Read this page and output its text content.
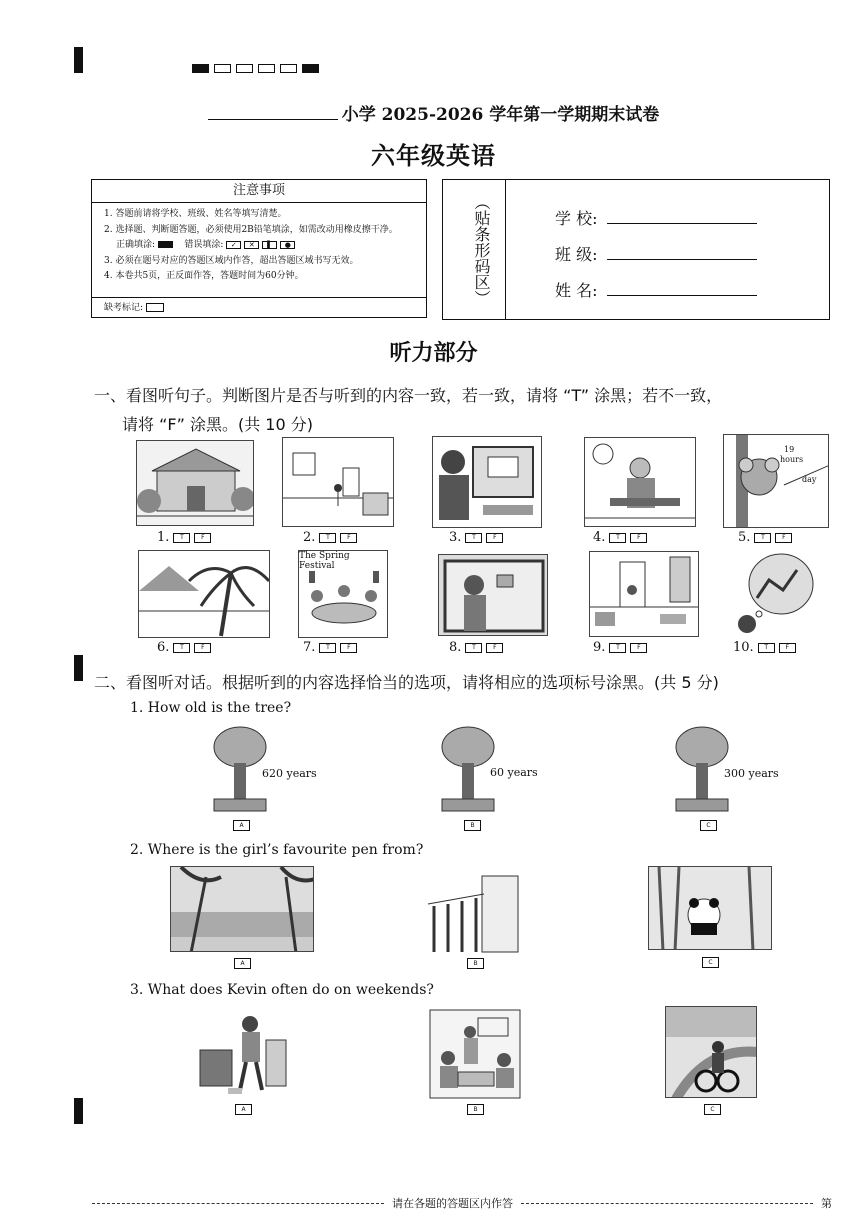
小学 2025-2026 学年第一学期期末试卷
六年级英语
注意事项
1. 答题前请将学校、班级、姓名等填写清楚。
2. 选择题、判断题答题，必须使用2B铅笔填涂，如需改动用橡皮擦干净。
正确填涂:	错误填涂: ✓ ✕ ▌ ●
3. 必须在题号对应的答题区域内作答，超出答题区域书写无效。
4. 本卷共5页，正反面作答，答题时间为60分钟。
缺考标记:
（贴条形码区）	学 校:
班 级:
姓 名:
听力部分
一、看图听句子。判断图片是否与听到的内容一致，若一致，请将 “T” 涂黑；若不一致，
请将 “F” 涂黑。(共 10 分)
19
hours
day
1. T	F	2. T	F	3. T	F	4. T	F	5. T	F
The Spring Festival
6. T	F	7. T	F	8. T	F	9. T	F	10. T	F
二、看图听对话。根据听到的内容选择恰当的选项，请将相应的选项标号涂黑。(共 5 分)
1. How old is the tree?
620 years
A
60 years
B
300 years
C
2. Where is the girl’s favourite pen from?
A	B	C
3. What does Kevin often do on weekends?
A	B	C
请在各题的答题区内作答	第
